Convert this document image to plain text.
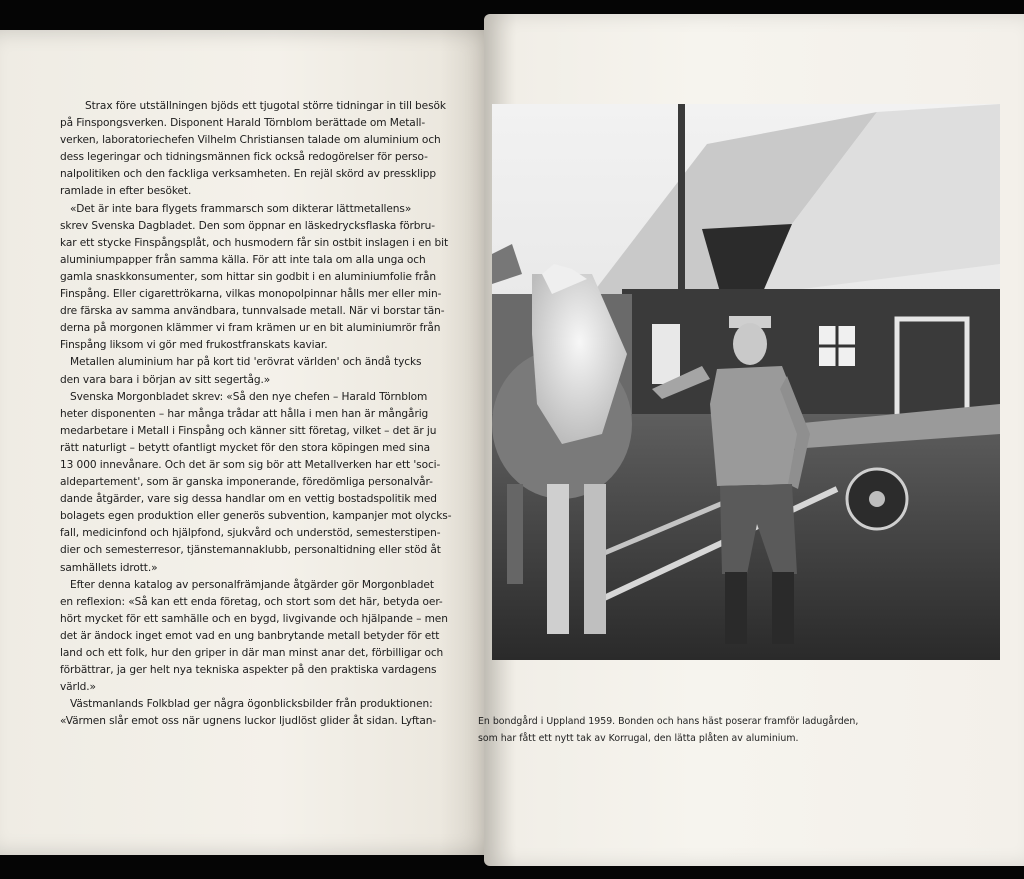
Strax före utställningen bjöds ett tjugotal större tidningar in till besök
på Finspongsverken. Disponent Harald Törnblom berättade om Metall-
verken, laboratoriechefen Vilhelm Christiansen talade om aluminium och
dess legeringar och tidningsmännen fick också redogörelser för perso-
nalpolitiken och den fackliga verksamheten. En rejäl skörd av pressklipp
ramlade in efter besöket.
«Det är inte bara flygets frammarsch som dikterar lättmetallens»
skrev Svenska Dagbladet. Den som öppnar en läskedrycksflaska förbru-
kar ett stycke Finspångsplåt, och husmodern får sin ostbit inslagen i en bit
aluminiumpapper från samma källa. För att inte tala om alla unga och
gamla snaskkonsumenter, som hittar sin godbit i en aluminiumfolie från
Finspång. Eller cigarettrökarna, vilkas monopolpinnar hålls mer eller min-
dre färska av samma användbara, tunnvalsade metall. När vi borstar tän-
derna på morgonen klämmer vi fram krämen ur en bit aluminiumrör från
Finspång liksom vi gör med frukostfranskats kaviar.
Metallen aluminium har på kort tid 'erövrat världen' och ändå tycks
den vara bara i början av sitt segertåg.»
Svenska Morgonbladet skrev: «Så den nye chefen – Harald Törnblom
heter disponenten – har många trådar att hålla i men han är mångårig
medarbetare i Metall i Finspång och känner sitt företag, vilket – det är ju
rätt naturligt – betytt ofantligt mycket för den stora köpingen med sina
13 000 innevånare. Och det är som sig bör att Metallverken har ett 'soci-
aldepartement', som är ganska imponerande, föredömliga personalvår-
dande åtgärder, vare sig dessa handlar om en vettig bostadspolitik med
bolagets egen produktion eller generös subvention, kampanjer mot olycks-
fall, medicinfond och hjälpfond, sjukvård och understöd, semesterstipen-
dier och semesterresor, tjänstemannaklubb, personaltidning eller stöd åt
samhällets idrott.»
Efter denna katalog av personalfrämjande åtgärder gör Morgonbladet
en reflexion: «Så kan ett enda företag, och stort som det här, betyda oer-
hört mycket för ett samhälle och en bygd, livgivande och hjälpande – men
det är ändock inget emot vad en ung banbrytande metall betyder för ett
land och ett folk, hur den griper in där man minst anar det, förbilligar och
förbättrar, ja ger helt nya tekniska aspekter på den praktiska vardagens
värld.»
Västmanlands Folkblad ger några ögonblicksbilder från produktionen:
«Värmen slår emot oss när ugnens luckor ljudlöst glider åt sidan. Lyftan-	En bondgård i Uppland 1959. Bonden och hans häst poserar framför ladugården,
som har fått ett nytt tak av Korrugal, den lätta plåten av aluminium.
